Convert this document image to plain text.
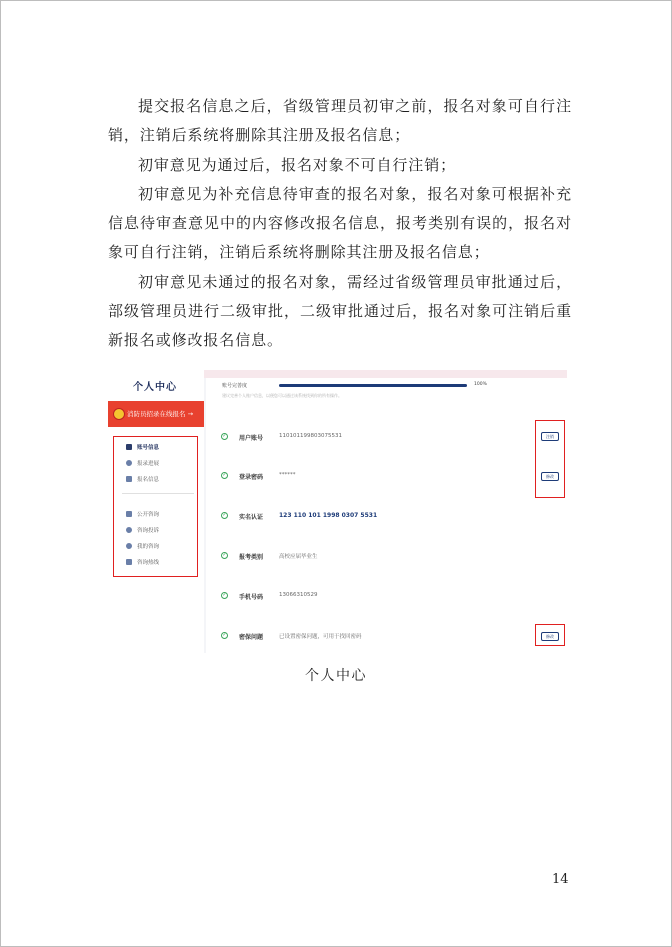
提交报名信息之后，省级管理员初审之前，报名对象可自行注销，注销后系统将删除其注册及报名信息；

初审意见为通过后，报名对象不可自行注销；

初审意见为补充信息待审查的报名对象，报名对象可根据补充信息待审查意见中的内容修改报名信息，报考类别有误的，报名对象可自行注销，注销后系统将删除其注册及报名信息；

初审意见未通过的报名对象，需经过省级管理员审批通过后，部级管理员进行二级审批，二级审批通过后，报名对象可注销后重新报名或修改报名信息。

个人中心
消防员招录在线报名 →
账号信息
报录进展
报名信息
公开咨询
咨询投诉
我的咨询
咨询热线
账号完善度	100%
建议完善个人账户信息，以便您可以通过该系统找到你的所有操作。
✓ 用户账号	110101199803075531
✓ 登录密码	******
✓ 实名认证	123 110 101 1998 0307 5531
✓ 报考类别	高校应届毕业生
✓ 手机号码	13066310529
✓ 密保问题	已设置密保问题，可用于找回密码
注销
修改
修改
个人中心
14
